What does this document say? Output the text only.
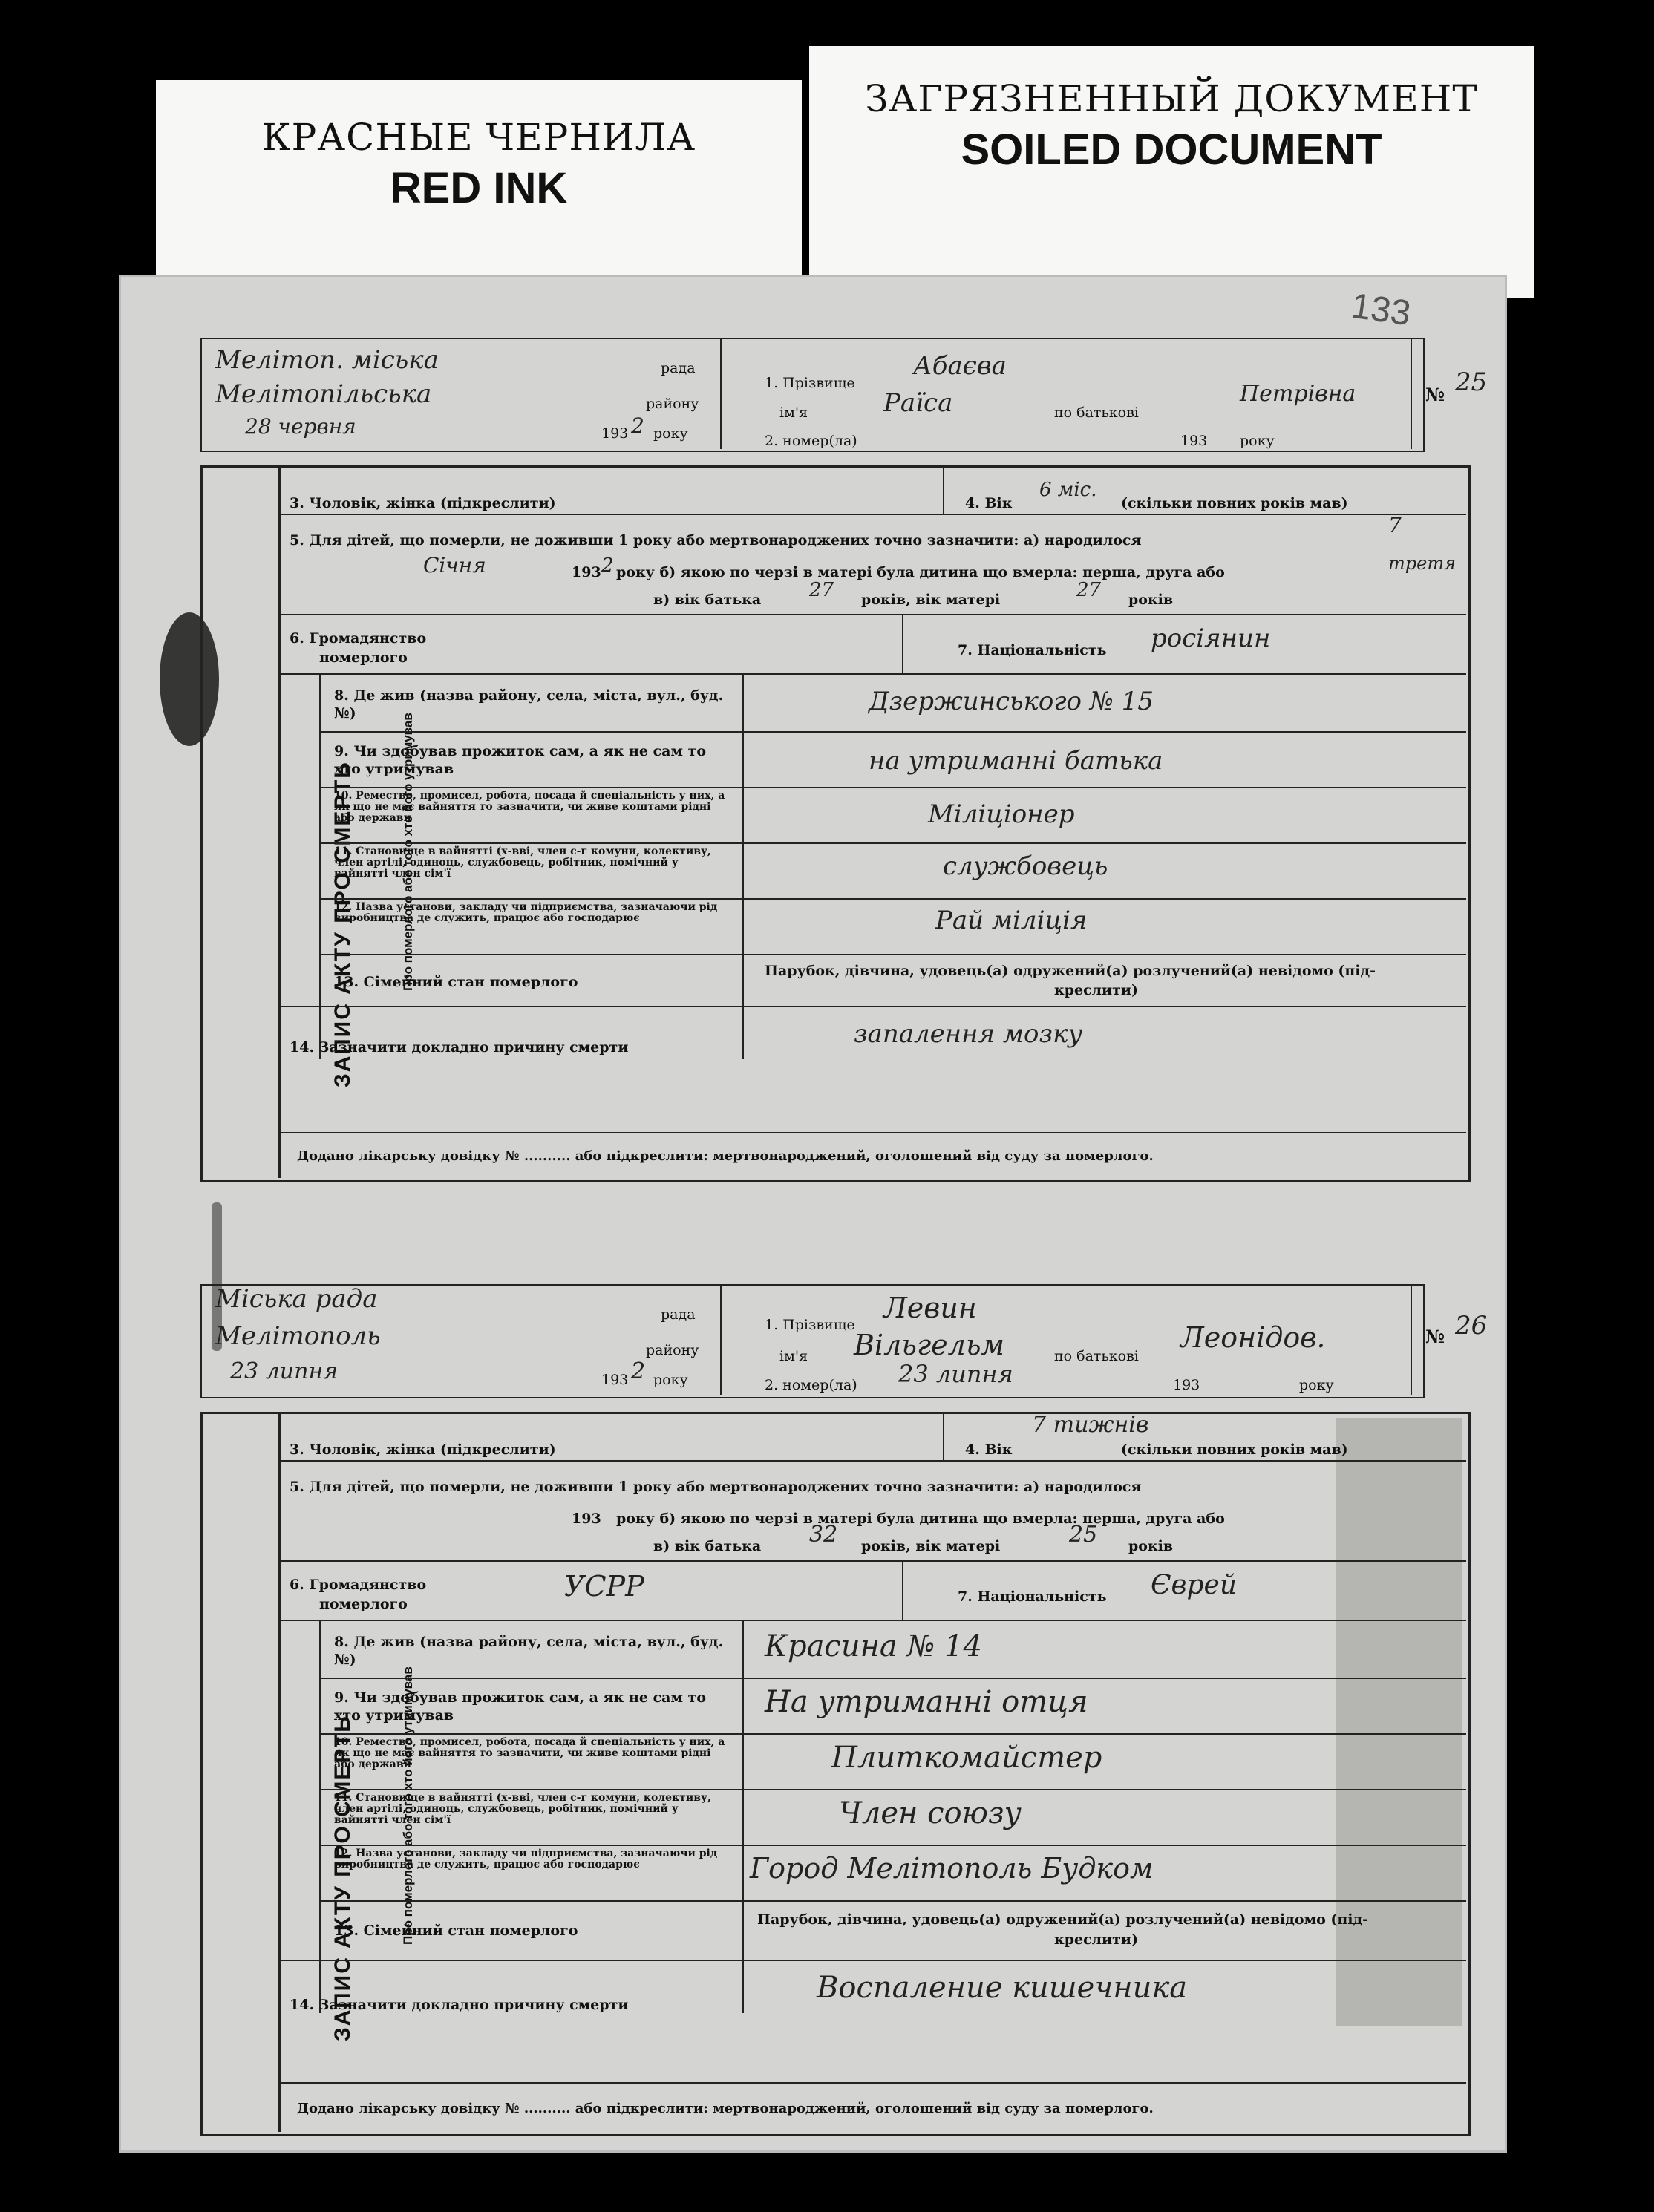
КРАСНЫЕ ЧЕРНИЛА
RED INK
ЗАГРЯЗНЕННЫЙ ДОКУМЕНТ
SOILED DOCUMENT
133
Мелітоп. міська	рада
Мелітопільська	району
28 червня	193 2 року
1. Прізвище
Абаєва
ім'я	Раїса	по батькові
Петрівна
2. номер(ла)	193 року
№ 25
ЗАПИС АКТУ ПРО СМЕРТЬ
3. Чоловік, жінка (підкреслити)	4. Вік
6 міс.
(скільки повних років мав)
5. Для дітей, що померли, не доживши 1 року або мертвонароджених точно зазначити: а) народилося
7
Січня	193 2 року б) якою по черзі в матері була дитина що вмерла: перша, друга або	третя
в) вік батька 27 років, вік матері	27 років
6. Громадянство
померлого	7. Національність росіянин
Про померлого або того хто його утримував
8. Де жив (назва району, села, міста, вул., буд. №)	Дзержинського № 15
9. Чи здобував прожиток сам, а як не сам то хто утримував	на утриманні батька
10. Ремество, промисел, робота, посада й спеціальність у них, а як що не має вайняття то зазначити, чи живе коштами рідні або держави	Міліціонер
11. Становище в вайнятті (х-вві, член с-г комуни, колективу, член артілі, одиноць, службовець, робітник, помічний у вайнятті член сім'ї	службовець
12. Назва установи, закладу чи підприємства, зазначаючи рід виробництва де служить, працює або господарює	Рай міліція
13. Сімейний стан померлого
Парубок, дівчина, удовець(а) одружений(а) розлучений(а) невідомо (під-
креслити)
14. Зазначити докладно причину смерти	запалення мозку
Додано лікарську довідку № .......... або підкреслити: мертвонароджений, оголошений від суду за померлого.
Міська рада
рада
Мелітополь	району
23 липня	193 2 року
1. Прізвище
Левин
ім'я Вільгельм	по батькові
Леонідов.
2. номер(ла) 23 липня	193	року
№ 26
ЗАПИС АКТУ ПРО СМЕРТЬ
3. Чоловік, жінка (підкреслити)	4. Вік
7 тижнів
(скільки повних років мав)
5. Для дітей, що померли, не доживши 1 року або мертвонароджених точно зазначити: а) народилося
193 року б) якою по черзі в матері була дитина що вмерла: перша, друга або
в) вік батька 32 років, вік матері	25 років
6. Громадянство	УСРР
померлого	7. Національність Єврей
Про померлого або того хто його утримував
8. Де жив (назва району, села, міста, вул., буд. №)	Красина № 14
9. Чи здобував прожиток сам, а як не сам то хто утримував	На утриманні отця
10. Ремество, промисел, робота, посада й спеціальність у них, а як що не має вайняття то зазначити, чи живе коштами рідні або держави	Плиткомайстер
11. Становище в вайнятті (х-вві, член с-г комуни, колективу, член артілі, одиноць, службовець, робітник, помічний у вайнятті член сім'ї	Член союзу
12. Назва установи, закладу чи підприємства, зазначаючи рід виробництва де служить, працює або господарює	Город Мелітополь Будком
13. Сімейний стан померлого
Парубок, дівчина, удовець(а) одружений(а) розлучений(а) невідомо (під-
креслити)
14. Зазначити докладно причину смерти	Воспаление кишечника
Додано лікарську довідку № .......... або підкреслити: мертвонароджений, оголошений від суду за померлого.
